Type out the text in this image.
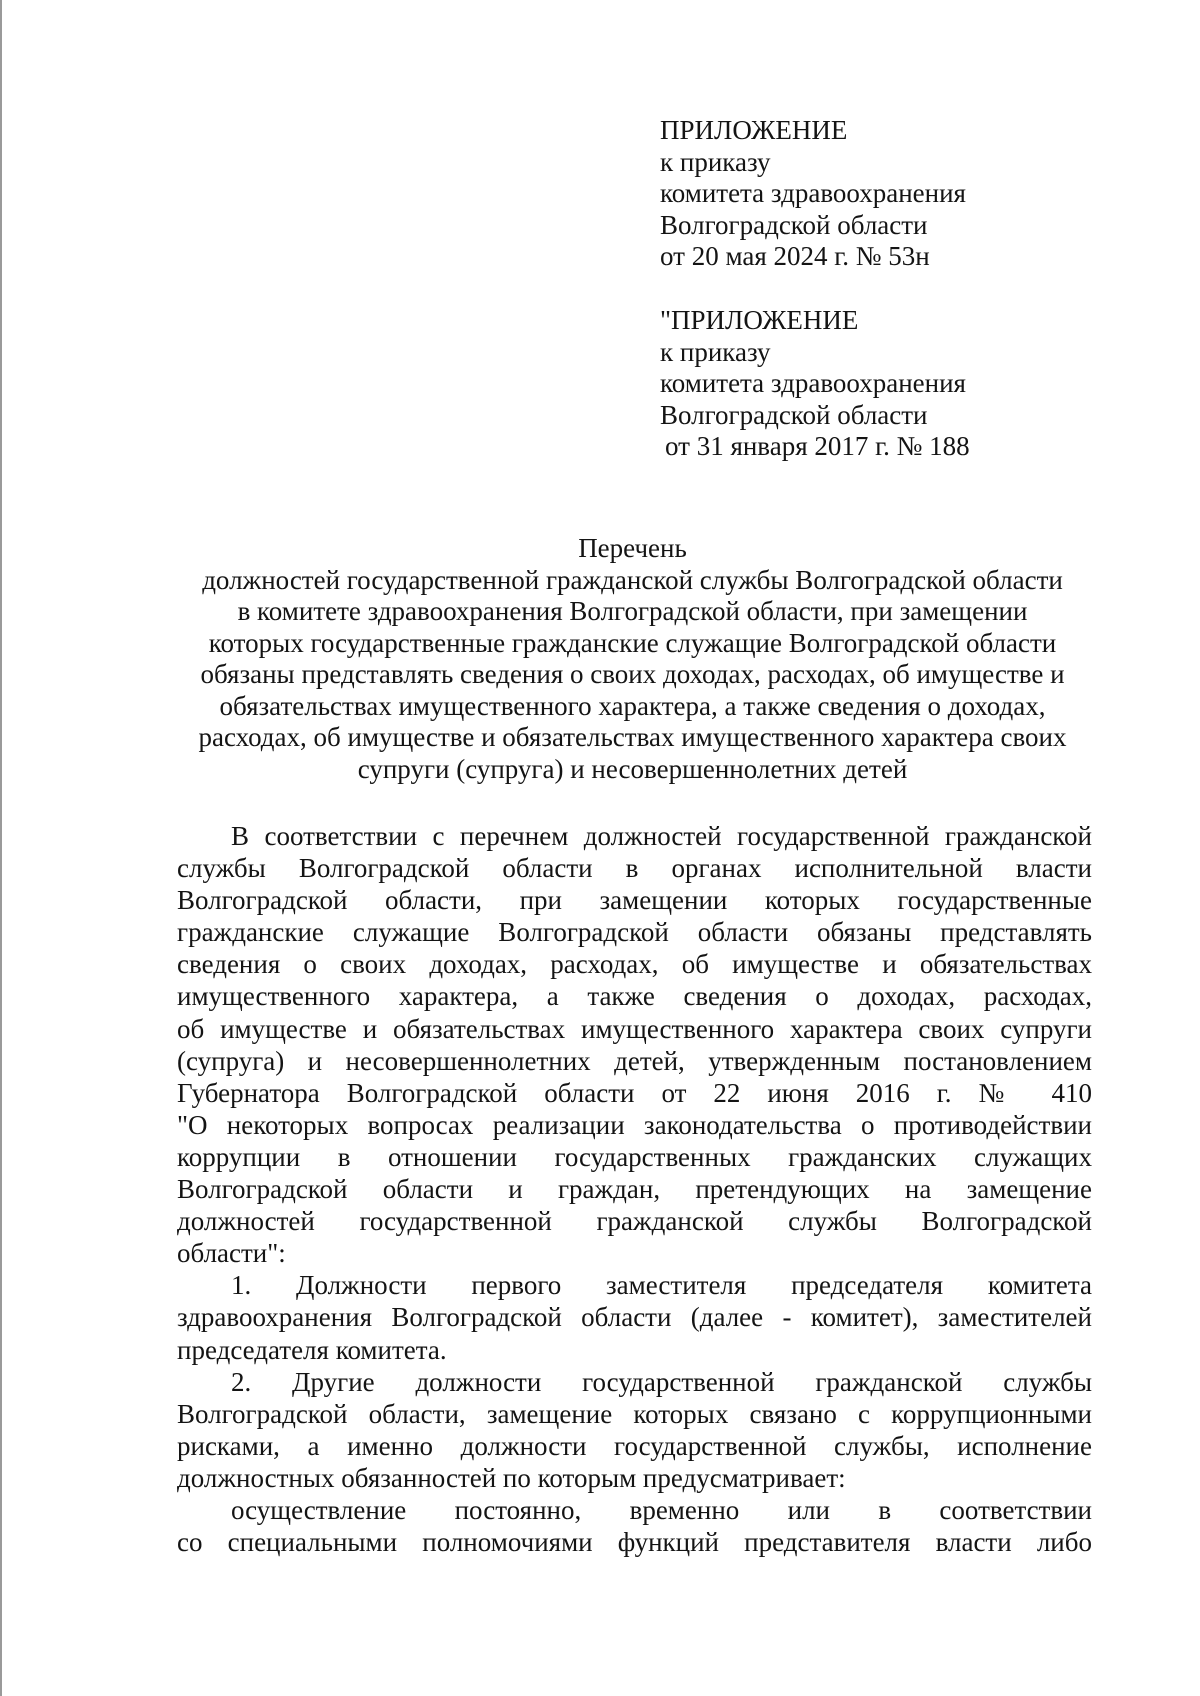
ПРИЛОЖЕНИЕ
к приказу
комитета здравоохранения
Волгоградской области
от 20 мая 2024 г. № 53н
"ПРИЛОЖЕНИЕ
к приказу
комитета здравоохранения
Волгоградской области
от 31 января 2017 г. № 188
Перечень
должностей государственной гражданской службы Волгоградской области
в комитете здравоохранения Волгоградской области, при замещении
которых государственные гражданские служащие Волгоградской области
обязаны представлять сведения о своих доходах, расходах, об имуществе и
обязательствах имущественного характера, а также сведения о доходах,
расходах, об имуществе и обязательствах имущественного характера своих
супруги (супруга) и несовершеннолетних детей
В соответствии с перечнем должностей государственной гражданской
службы Волгоградской области в органах исполнительной власти
Волгоградской области, при замещении которых государственные
гражданские служащие Волгоградской области обязаны представлять
сведения о своих доходах, расходах, об имуществе и обязательствах
имущественного характера, а также сведения о доходах, расходах,
об имуществе и обязательствах имущественного характера своих супруги
(супруга) и несовершеннолетних детей, утвержденным постановлением
Губернатора Волгоградской области от 22 июня 2016 г. № 410
"О некоторых вопросах реализации законодательства о противодействии
коррупции в отношении государственных гражданских служащих
Волгоградской области и граждан, претендующих на замещение
должностей государственной гражданской службы Волгоградской
области":
1. Должности первого заместителя председателя комитета
здравоохранения Волгоградской области (далее - комитет), заместителей
председателя комитета.
2. Другие должности государственной гражданской службы
Волгоградской области, замещение которых связано с коррупционными
рисками, а именно должности государственной службы, исполнение
должностных обязанностей по которым предусматривает:
осуществление постоянно, временно или в соответствии
со специальными полномочиями функций представителя власти либо
